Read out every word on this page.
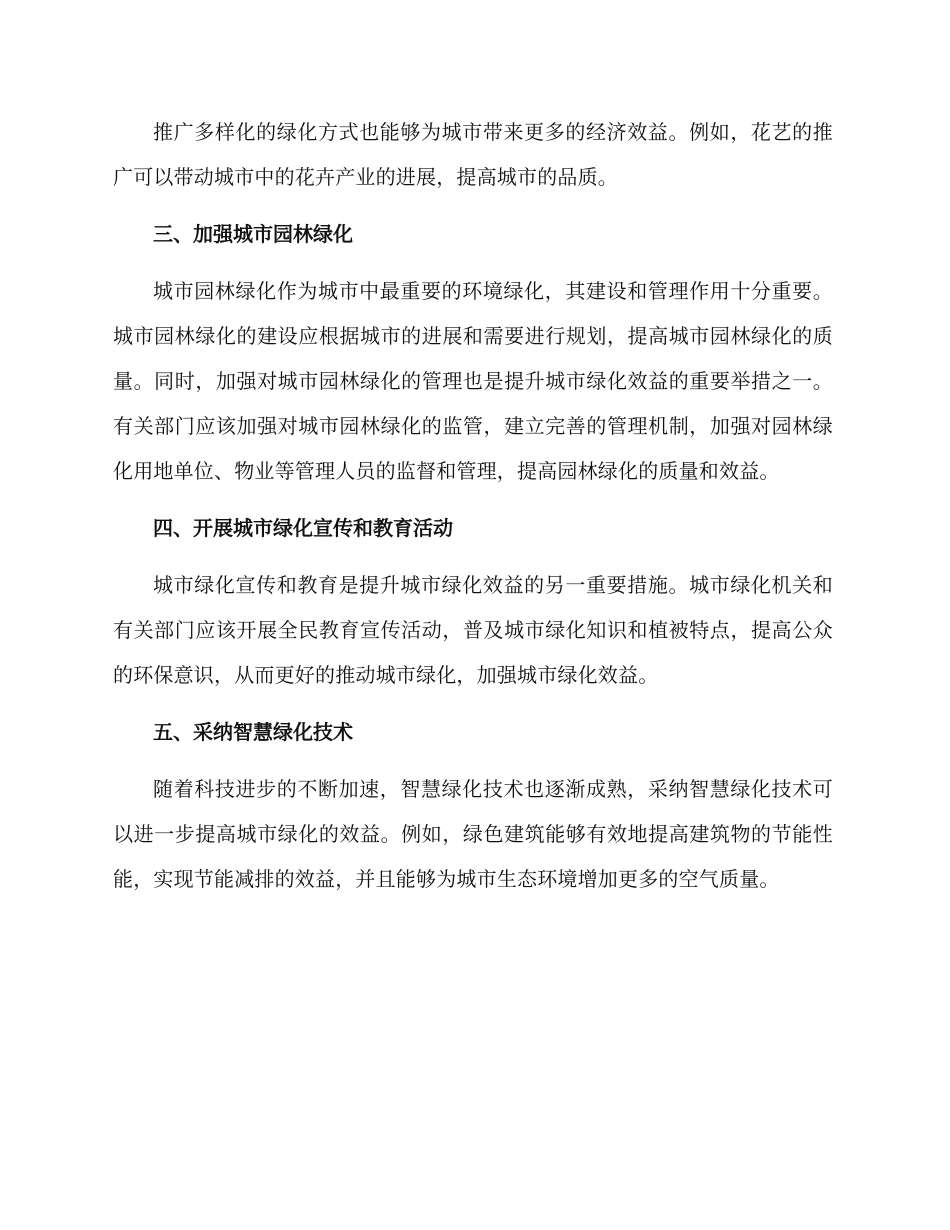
推广多样化的绿化方式也能够为城市带来更多的经济效益。例如，花艺的推广可以带动城市中的花卉产业的进展，提高城市的品质。

三、加强城市园林绿化

城市园林绿化作为城市中最重要的环境绿化，其建设和管理作用十分重要。城市园林绿化的建设应根据城市的进展和需要进行规划，提高城市园林绿化的质量。同时，加强对城市园林绿化的管理也是提升城市绿化效益的重要举措之一。有关部门应该加强对城市园林绿化的监管，建立完善的管理机制，加强对园林绿化用地单位、物业等管理人员的监督和管理，提高园林绿化的质量和效益。

四、开展城市绿化宣传和教育活动

城市绿化宣传和教育是提升城市绿化效益的另一重要措施。城市绿化机关和有关部门应该开展全民教育宣传活动，普及城市绿化知识和植被特点，提高公众的环保意识，从而更好的推动城市绿化，加强城市绿化效益。

五、采纳智慧绿化技术

随着科技进步的不断加速，智慧绿化技术也逐渐成熟，采纳智慧绿化技术可以进一步提高城市绿化的效益。例如，绿色建筑能够有效地提高建筑物的节能性能，实现节能减排的效益，并且能够为城市生态环境增加更多的空气质量。
